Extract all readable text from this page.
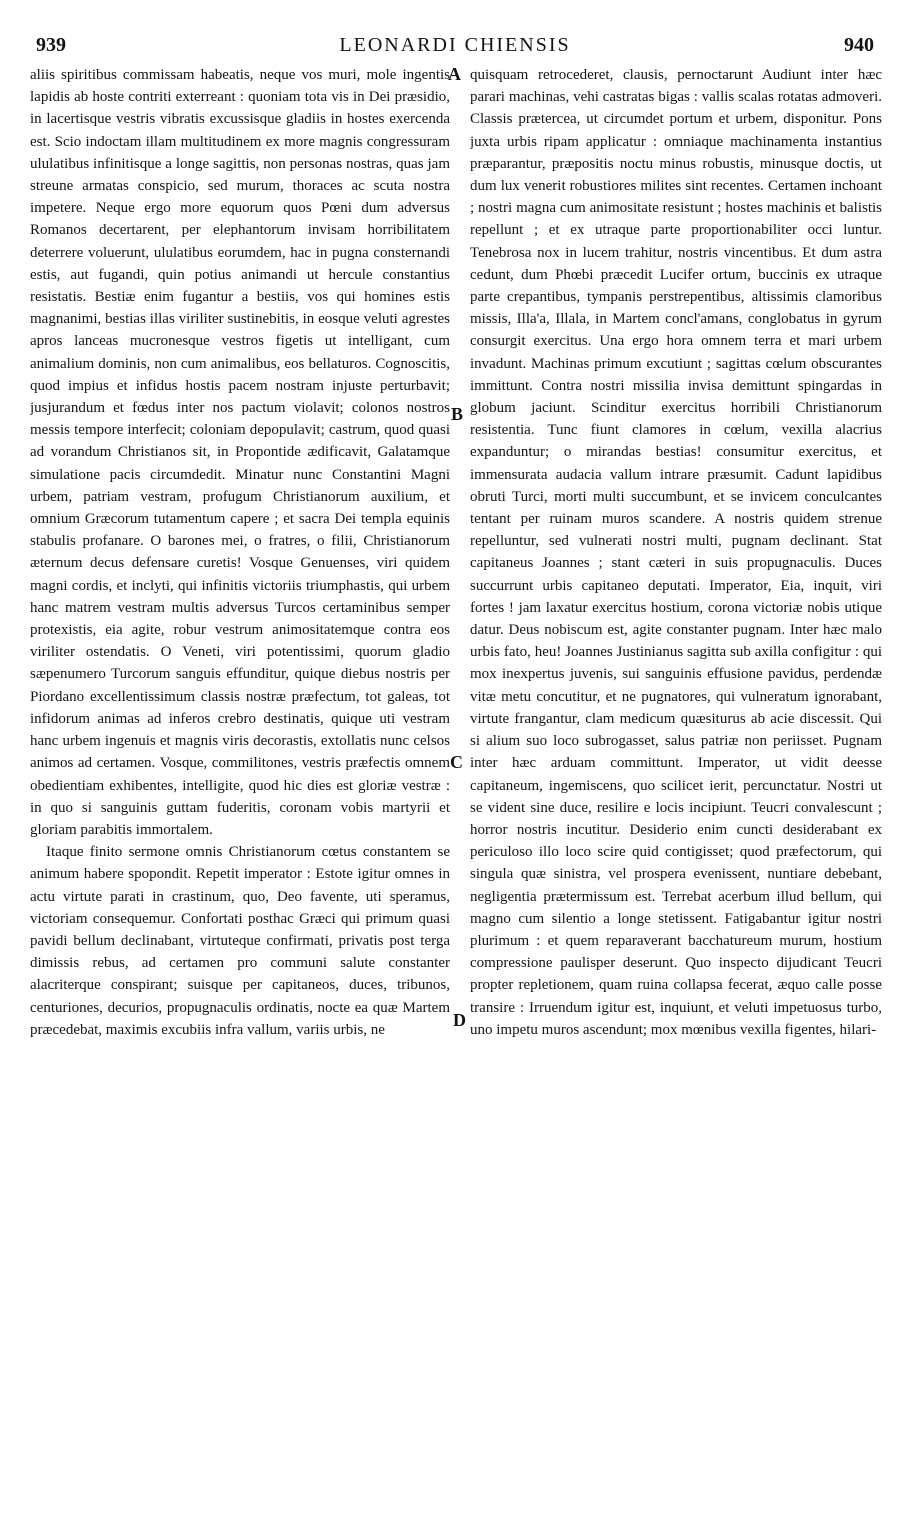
939	LEONARDI CHIENSIS	940

aliis spiritibus commissam habeatis, neque vos muri, mole ingentis lapidis ab hoste contriti exterreant : quoniam tota vis in Dei præsidio, in lacertisque vestris vibratis excussisque gladiis in hostes exercenda est. Scio indoctam illam multitudinem ex more magnis congressuram ululatibus infinitisque a longe sagittis, non personas nostras, quas jam streune armatas conspicio, sed murum, thoraces ac scuta nostra impetere. Neque ergo more equorum quos Pœni dum adversus Romanos decertarent, per elephantorum invisam horribilitatem deterrere voluerunt, ululatibus eorumdem, hac in pugna consternandi estis, aut fugandi, quin potius animandi ut hercule constantius resistatis. Bestiæ enim fugantur a bestiis, vos qui homines estis magnanimi, bestias illas viriliter sustinebitis, in eosque veluti agrestes apros lanceas mucronesque vestros figetis ut intelligant, cum animalium dominis, non cum animalibus, eos bellaturos. Cognoscitis, quod impius et infidus hostis pacem nostram injuste perturbavit; jusjurandum et fœdus inter nos pactum violavit; colonos nostros messis tempore interfecit; coloniam depopulavit; castrum, quod quasi ad vorandum Christianos sit, in Propontide ædificavit, Galatamque simulatione pacis circumdedit. Minatur nunc Constantini Magni urbem, patriam vestram, profugum Christianorum auxilium, et omnium Græcorum tutamentum capere ; et sacra Dei templa equinis stabulis profanare. O barones mei, o fratres, o filii, Christianorum æternum decus defensare curetis! Vosque Genuenses, viri quidem magni cordis, et inclyti, qui infinitis victoriis triumphastis, qui urbem hanc matrem vestram multis adversus Turcos certaminibus semper protexistis, eia agite, robur vestrum animositatemque contra eos viriliter ostendatis. O Veneti, viri potentissimi, quorum gladio sæpenumero Turcorum sanguis effunditur, quique diebus nostris per Piordano excellentissimum classis nostræ præfectum, tot galeas, tot infidorum animas ad inferos crebro destinatis, quique uti vestram hanc urbem ingenuis et magnis viris decorastis, extollatis nunc celsos animos ad certamen. Vosque, commilitones, vestris præfectis omnem obedientiam exhibentes, intelligite, quod hic dies est gloriæ vestræ : in quo si sanguinis guttam fuderitis, coronam vobis martyrii et gloriam parabitis immortalem.

Itaque finito sermone omnis Christianorum cœtus constantem se animum habere spopondit. Repetit imperator : Estote igitur omnes in actu virtute parati in crastinum, quo, Deo favente, uti speramus, victoriam consequemur. Confortati posthac Græci qui primum quasi pavidi bellum declinabant, virtuteque confirmati, privatis post terga dimissis rebus, ad certamen pro communi salute constanter alacriterque conspirant; suisque per capitaneos, duces, tribunos, centuriones, decurios, propugnaculis ordinatis, nocte ea quæ Martem præcedebat, maximis excubiis infra vallum, variis urbis, ne

A
B
C
D

quisquam retrocederet, clausis, pernoctarunt Audiunt inter hæc parari machinas, vehi castratas bigas : vallis scalas rotatas admoveri. Classis prætercea, ut circumdet portum et urbem, disponitur. Pons juxta urbis ripam applicatur : omniaque machinamenta instantius præparantur, præpositis noctu minus robustis, minusque doctis, ut dum lux venerit robustiores milites sint recentes. Certamen inchoant ; nostri magna cum animositate resistunt ; hostes machinis et balistis repellunt ; et ex utraque parte proportionabiliter occi luntur. Tenebrosa nox in lucem trahitur, nostris vincentibus. Et dum astra cedunt, dum Phœbi præcedit Lucifer ortum, buccinis ex utraque parte crepantibus, tympanis perstrepentibus, altissimis clamoribus missis, Illa'a, Illala, in Martem concl'amans, conglobatus in gyrum consurgit exercitus. Una ergo hora omnem terra et mari urbem invadunt. Machinas primum excutiunt ; sagittas cœlum obscurantes immittunt. Contra nostri missilia invisa demittunt spingardas in globum jaciunt. Scinditur exercitus horribili Christianorum resistentia. Tunc fiunt clamores in cœlum, vexilla alacrius expanduntur; o mirandas bestias! consumitur exercitus, et immensurata audacia vallum intrare præsumit. Cadunt lapidibus obruti Turci, morti multi succumbunt, et se invicem conculcantes tentant per ruinam muros scandere. A nostris quidem strenue repelluntur, sed vulnerati nostri multi, pugnam declinant. Stat capitaneus Joannes ; stant cæteri in suis propugnaculis. Duces succurrunt urbis capitaneo deputati. Imperator, Eia, inquit, viri fortes ! jam laxatur exercitus hostium, corona victoriæ nobis utique datur. Deus nobiscum est, agite constanter pugnam. Inter hæc malo urbis fato, heu! Joannes Justinianus sagitta sub axilla configitur : qui mox inexpertus juvenis, sui sanguinis effusione pavidus, perdendæ vitæ metu concutitur, et ne pugnatores, qui vulneratum ignorabant, virtute frangantur, clam medicum quæsiturus ab acie discessit. Qui si alium suo loco subrogasset, salus patriæ non periisset. Pugnam inter hæc arduam committunt. Imperator, ut vidit deesse capitaneum, ingemiscens, quo scilicet ierit, percunctatur. Nostri ut se vident sine duce, resilire e locis incipiunt. Teucri convalescunt ; horror nostris incutitur. Desiderio enim cuncti desiderabant ex periculoso illo loco scire quid contigisset; quod præfectorum, qui singula quæ sinistra, vel prospera evenissent, nuntiare debebant, negligentia prætermissum est. Terrebat acerbum illud bellum, qui magno cum silentio a longe stetissent. Fatigabantur igitur nostri plurimum : et quem reparaverant bacchatureum murum, hostium compressione paulisper deserunt. Quo inspecto dijudicant Teucri propter repletionem, quam ruina collapsa fecerat, æquo calle posse transire : Irruendum igitur est, inquiunt, et veluti impetuosus turbo, uno impetu muros ascendunt; mox mœnibus vexilla figentes, hilari-
